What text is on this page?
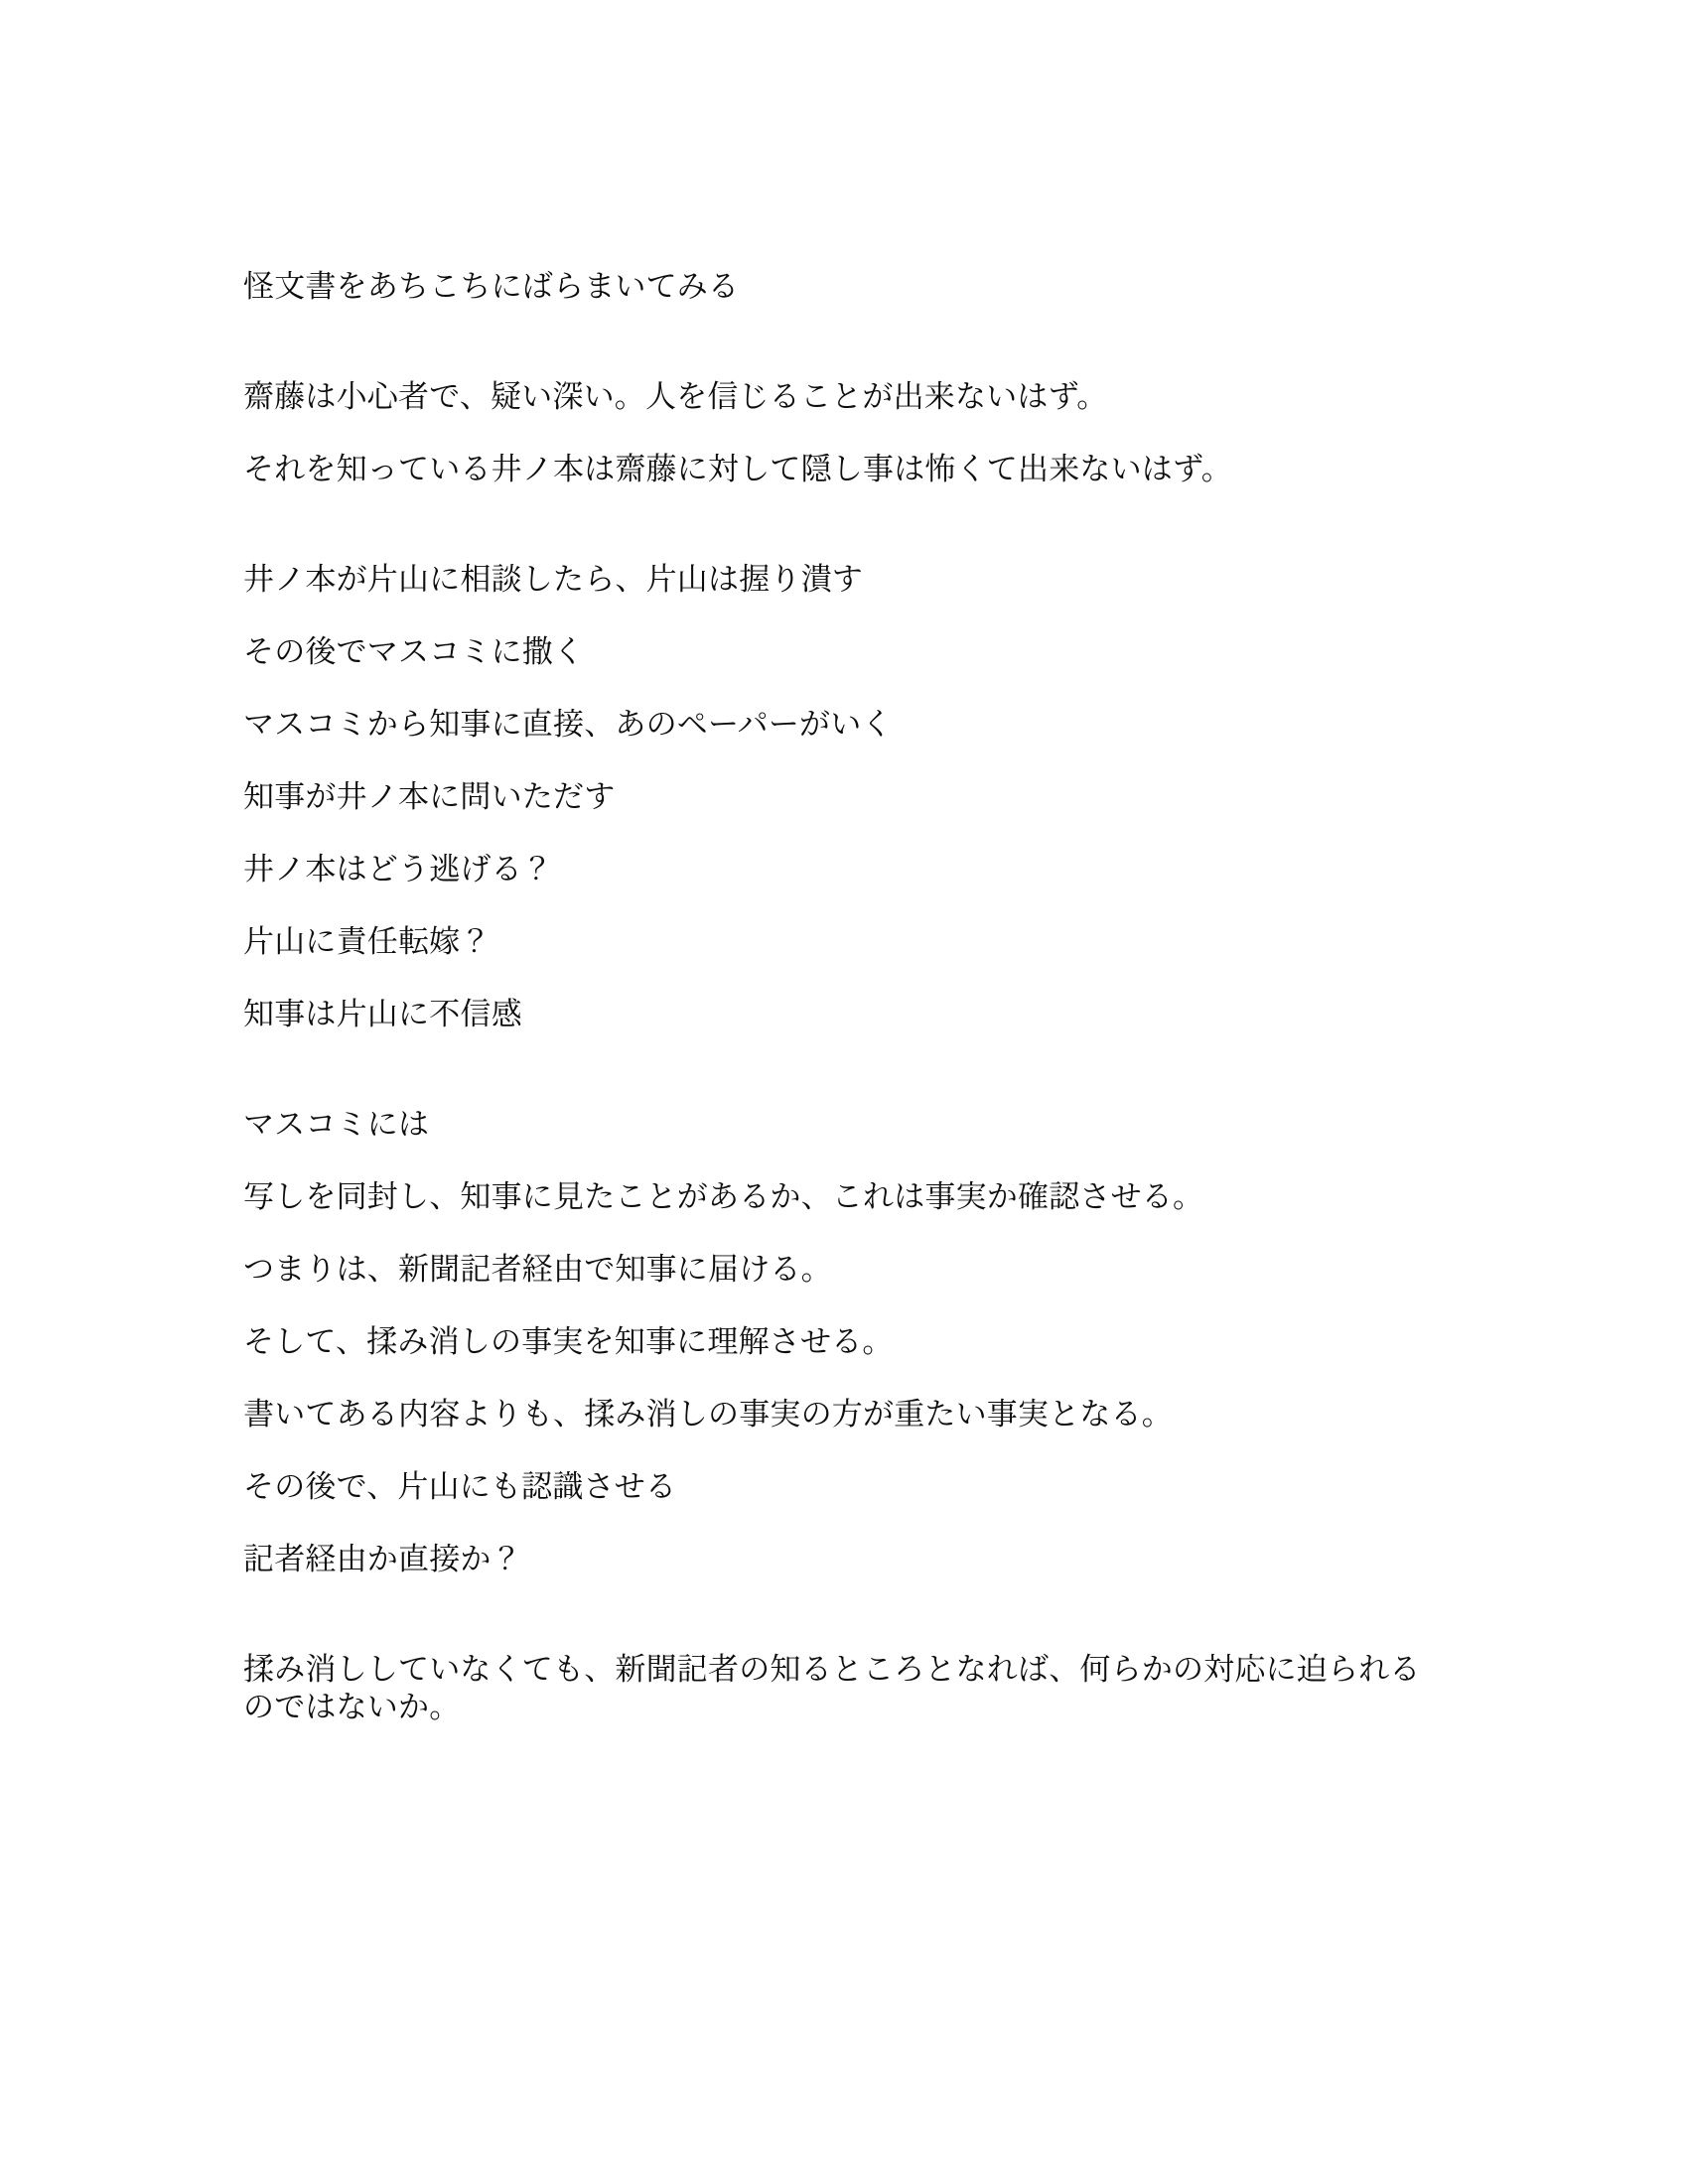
怪文書をあちこちにばらまいてみる

齋藤は小心者で、疑い深い。人を信じることが出来ないはず。

それを知っている井ノ本は齋藤に対して隠し事は怖くて出来ないはず。

井ノ本が片山に相談したら、片山は握り潰す

その後でマスコミに撒く

マスコミから知事に直接、あのペーパーがいく

知事が井ノ本に問いただす

井ノ本はどう逃げる？

片山に責任転嫁？

知事は片山に不信感

マスコミには

写しを同封し、知事に見たことがあるか、これは事実か確認させる。

つまりは、新聞記者経由で知事に届ける。

そして、揉み消しの事実を知事に理解させる。

書いてある内容よりも、揉み消しの事実の方が重たい事実となる。

その後で、片山にも認識させる

記者経由か直接か？

揉み消ししていなくても、新聞記者の知るところとなれば、何らかの対応に迫られるのではないか。
